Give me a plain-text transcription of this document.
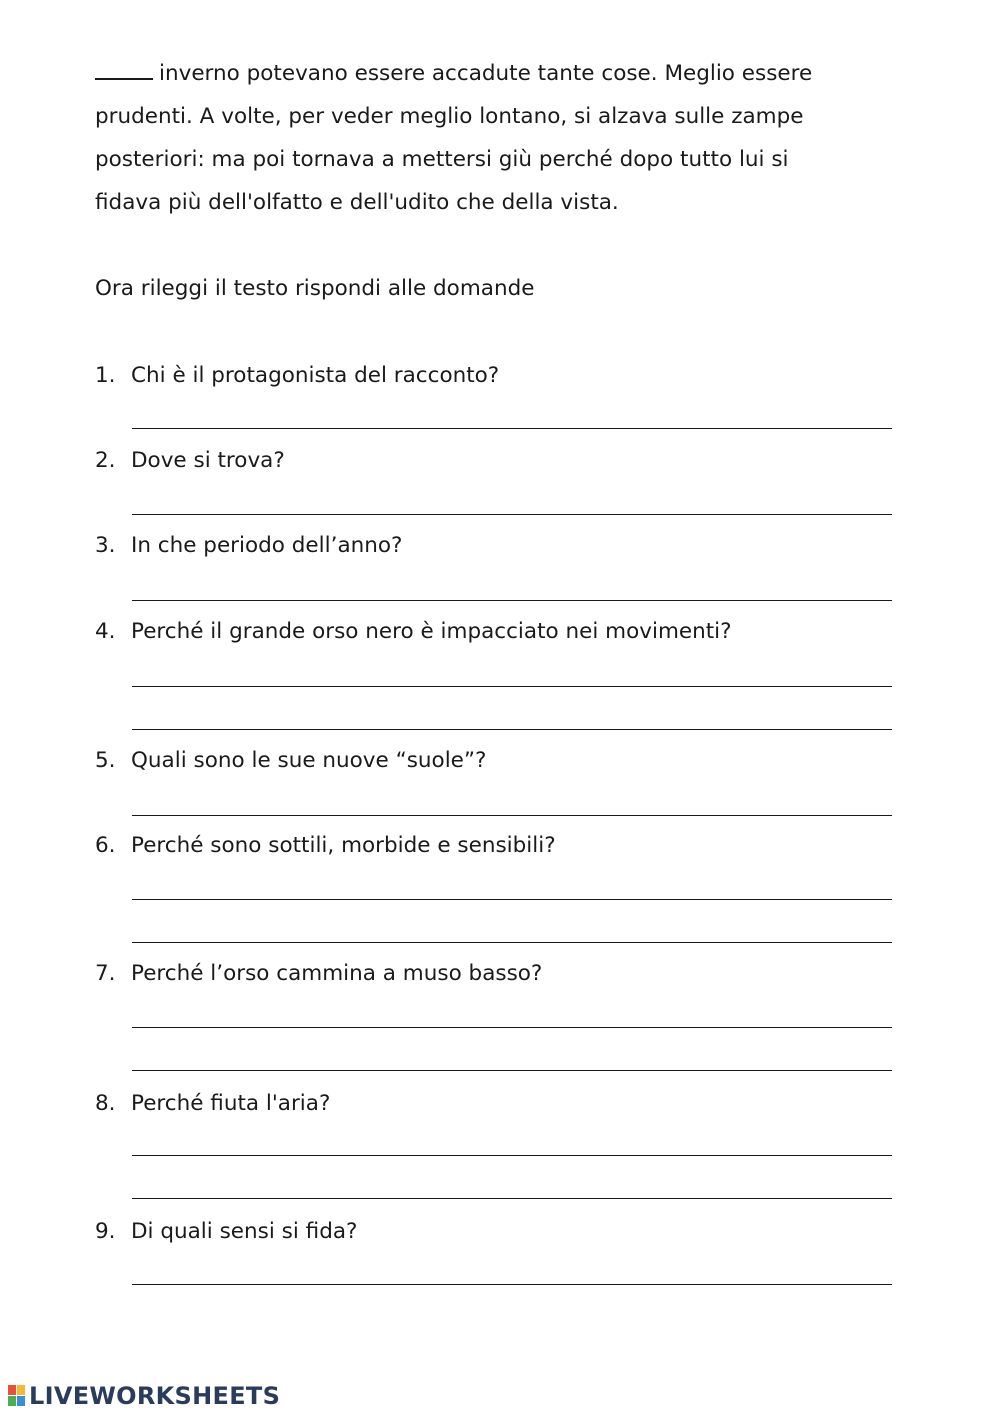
inverno potevano essere accadute tante cose. Meglio essere

prudenti. A volte, per veder meglio lontano, si alzava sulle zampe

posteriori: ma poi tornava a mettersi giù perché dopo tutto lui si

fidava più dell'olfatto e dell'udito che della vista.

Ora rileggi il testo rispondi alle domande
1. Chi è il protagonista del racconto?
2. Dove si trova?
3. In che periodo dell’anno?
4. Perché il grande orso nero è impacciato nei movimenti?
5. Quali sono le sue nuove “suole”?
6. Perché sono sottili, morbide e sensibili?
7. Perché l’orso cammina a muso basso?
8. Perché fiuta l'aria?
9. Di quali sensi si fida?
LIVEWORKSHEETS
